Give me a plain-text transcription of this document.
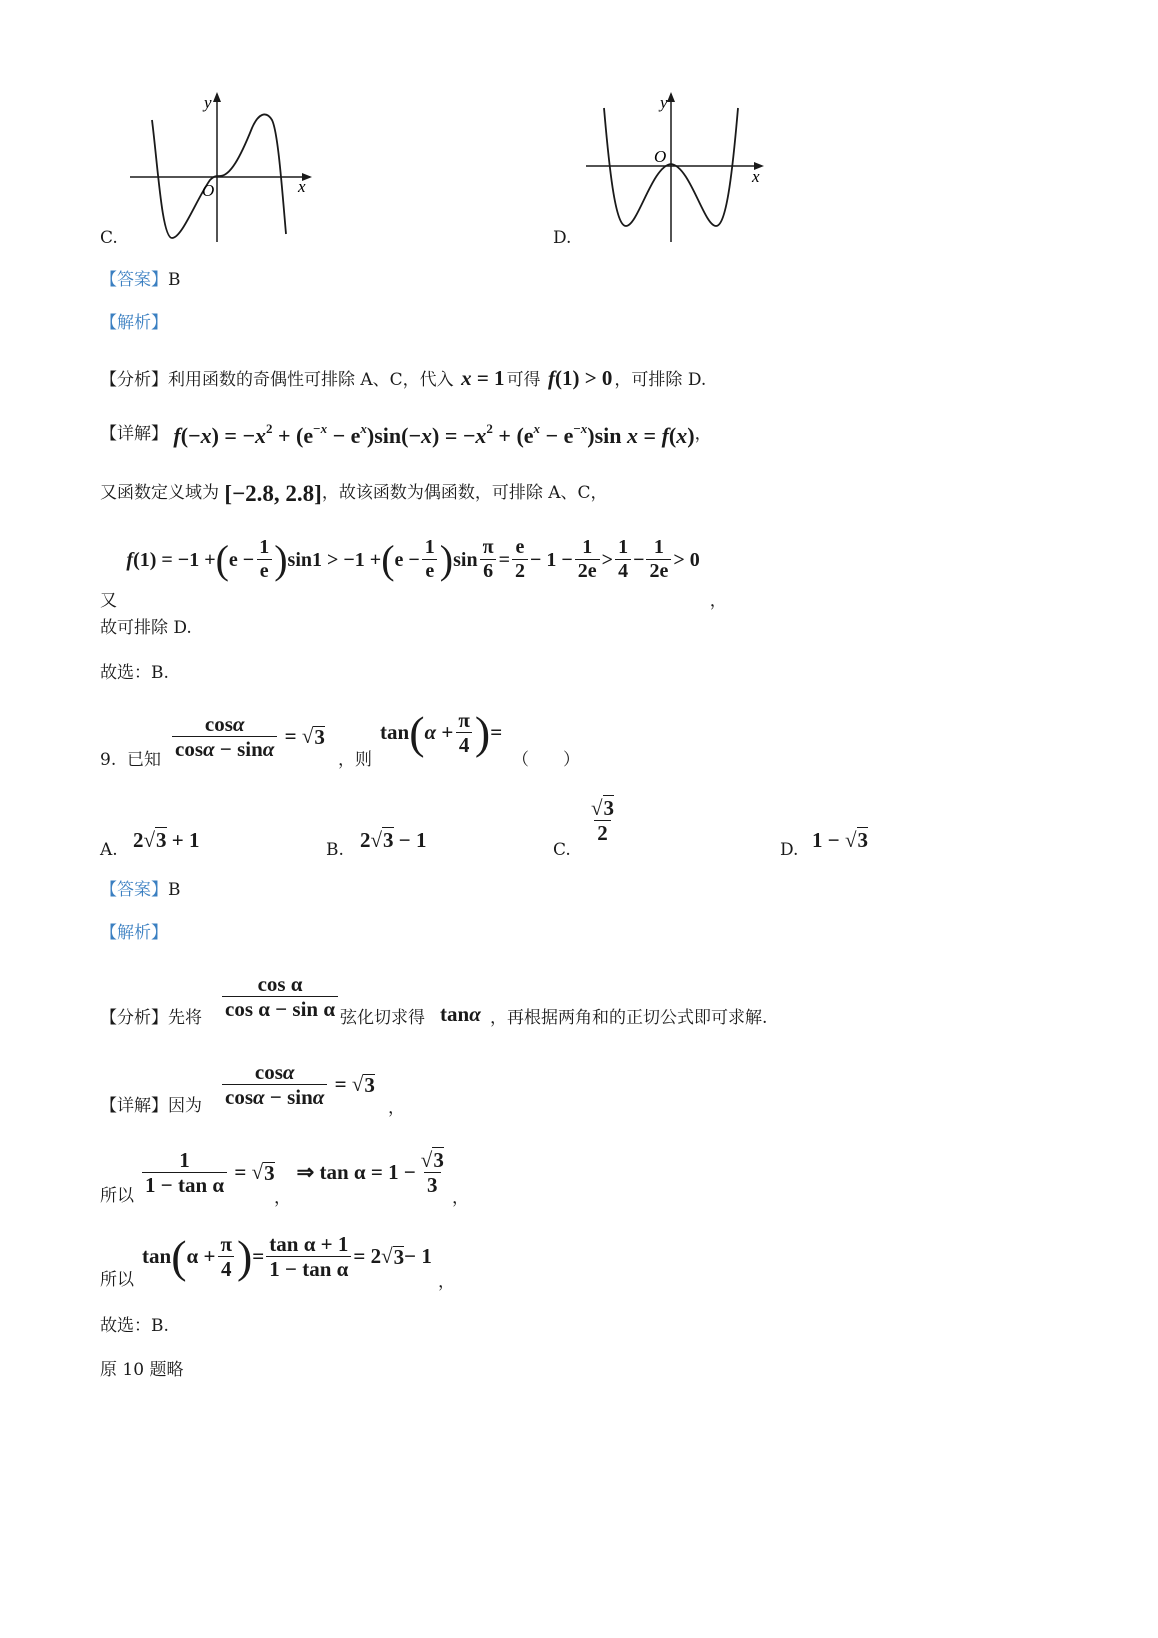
C.
y
x
O
D.
y
x
O
【答案】B
【解析】
【分析】利用函数的奇偶性可排除 A、C，代入 x = 1 可得 f(1) > 0 ，可排除 D.
【详解】 $f(-x) = -x^2 + (e^{-x} - e^x)\sin(-x) = -x^2 + (e^x - e^{-x})\sin$ x = f(x)，
又函数定义域为 [−2.8, 2.8]，故该函数为偶函数，可排除 A、C，
又
f (1) = −1 + ( $e - \frac{1}{e}$ ) sin1 > −1 + ( $e - \frac{1}{e}$ ) $\sin \frac{\pi}{6} = \frac{e}{2} - 1 - \frac{1}{2e} > \frac{1}{4} - \frac{1}{2e} > 0$，
故可排除 D.
故选：B.
9. 已知 $\frac{\cos\alpha}{\cos\alpha - \sin\alpha}$ = √ 3
，则
tan ( $\alpha + \frac{\pi}{4}$ ) =
（　　）
A. 2√3 + 1	B. 2√3 − 1	C.
$\frac{√3}{2}$
D. 1 − √3
【答案】B
【解析】
【分析】先将 $\frac{\text{cos α}}{\text{cos α − sin α}}$ 弦化切求得 tanα ，再根据两角和的正切公式即可求解.
【详解】因为 $\frac{\cos\alpha}{\cos\alpha - \sin\alpha}$ = √ 3
，
所以 $\frac{1}{\text{1 − tan α}}$ = √ 3 ⇒ $\tan \alpha = 1 - \frac{√3}{3}$
，	，
所以
tan ( $\alpha + \frac{\pi}{4}$ ) = $\frac{\text{tan α + 1}}{\text{1 − tan α}} = 2√$ 3 − 1
，
故选：B.
原 10 题略
